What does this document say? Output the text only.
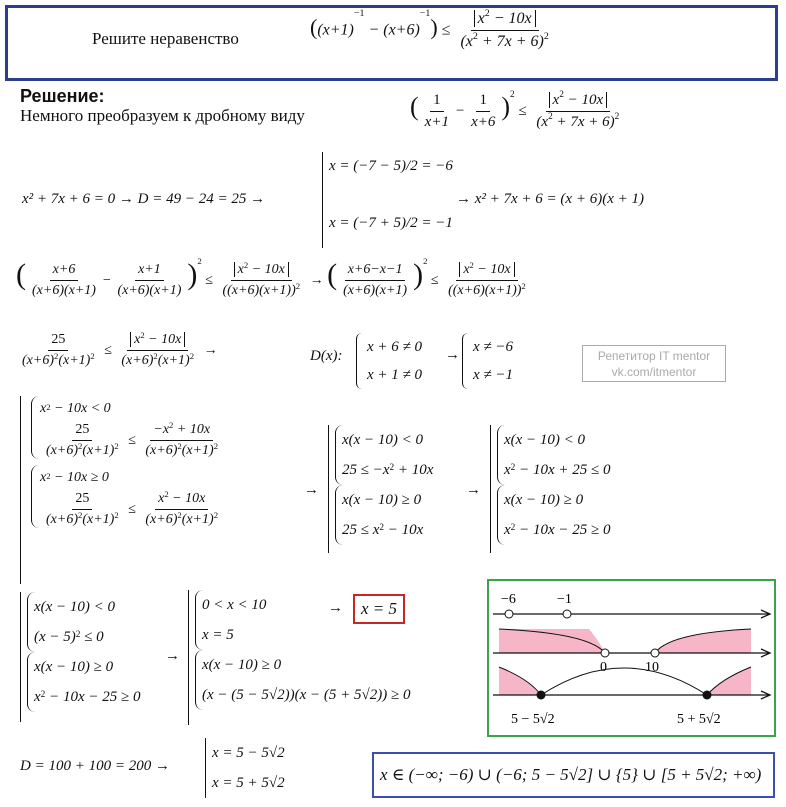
Решите неравенство	$((x+1)^{-1} - (x+6)^{-1}) \le \frac{x^2 - 10x}{(x^2 + 7x + 6)^2}$
Решение:
Немного преобразуем к дробному виду	( $\frac{1}{x+1} - \frac{1}{x+6} )^2 \le \frac{x^2 - 10x}{(x^2 + 7x + 6)^2}$
x² + 7x + 6 = 0 → D = 49 − 24 = 25 →
x = (−7 − 5)/2 = −6
x = (−7 + 5)/2 = −1
→ x² + 7x + 6 = (x + 6)(x + 1)
( $\frac{x+6}{(x+6)(x+1)} - \frac{x+1}{(x+6)(x+1)} )^2 \le \frac{x^2 - 10x}{((x+6)(x+1))^2}$ → ( $\frac{x+6-x-1}{(x+6)(x+1)} )^2 \le \frac{x^2 - 10x}{((x+6)(x+1))^2}$
$\frac{25}{(x+6)^2(x+1)^2} \le \frac{x^2 - 10x}{(x+6)^2(x+1)^2}$ →	D(x):
x + 6 ≠ 0
x + 1 ≠ 0
→ x ≠ −6
x ≠ −1
Репетитор IT mentor
vk.com/itmentor
$x^2 - 10x < 0$
$\frac{25}{(x+6)^2(x+1)^2} \le \frac{-x^2 + 10x}{(x+6)^2(x+1)^2}$
$x^2 - 10x \ge 0$
$\frac{25}{(x+6)^2(x+1)^2} \le \frac{x^2 - 10x}{(x+6)^2(x+1)^2}$
→
x(x − 10) < 0
$25 \le -x^2 + 10x$
x(x − 10) ≥ 0
$25 \le x^2 - 10x$
→
x(x − 10) < 0
$x^2 - 10x + 25 \le 0$
x(x − 10) ≥ 0
$x^2 - 10x - 25 \ge 0$
x(x − 10) < 0
$(x - 5)^2 \le 0$
x(x − 10) ≥ 0
$x^2 - 10x - 25 \ge 0$
→
0 < x < 10
x = 5
x(x − 10) ≥ 0
(x − (5 − 5√2))(x − (5 + 5√2)) ≥ 0
→	x = 5	−6	−1
0	10
5 − 5√2	5 + 5√2
D = 100 + 100 = 200 →
x = 5 − 5√2
x = 5 + 5√2	x ∈ (−∞; −6) ∪ (−6; 5 − 5√2] ∪ {5} ∪ [5 + 5√2; +∞)
